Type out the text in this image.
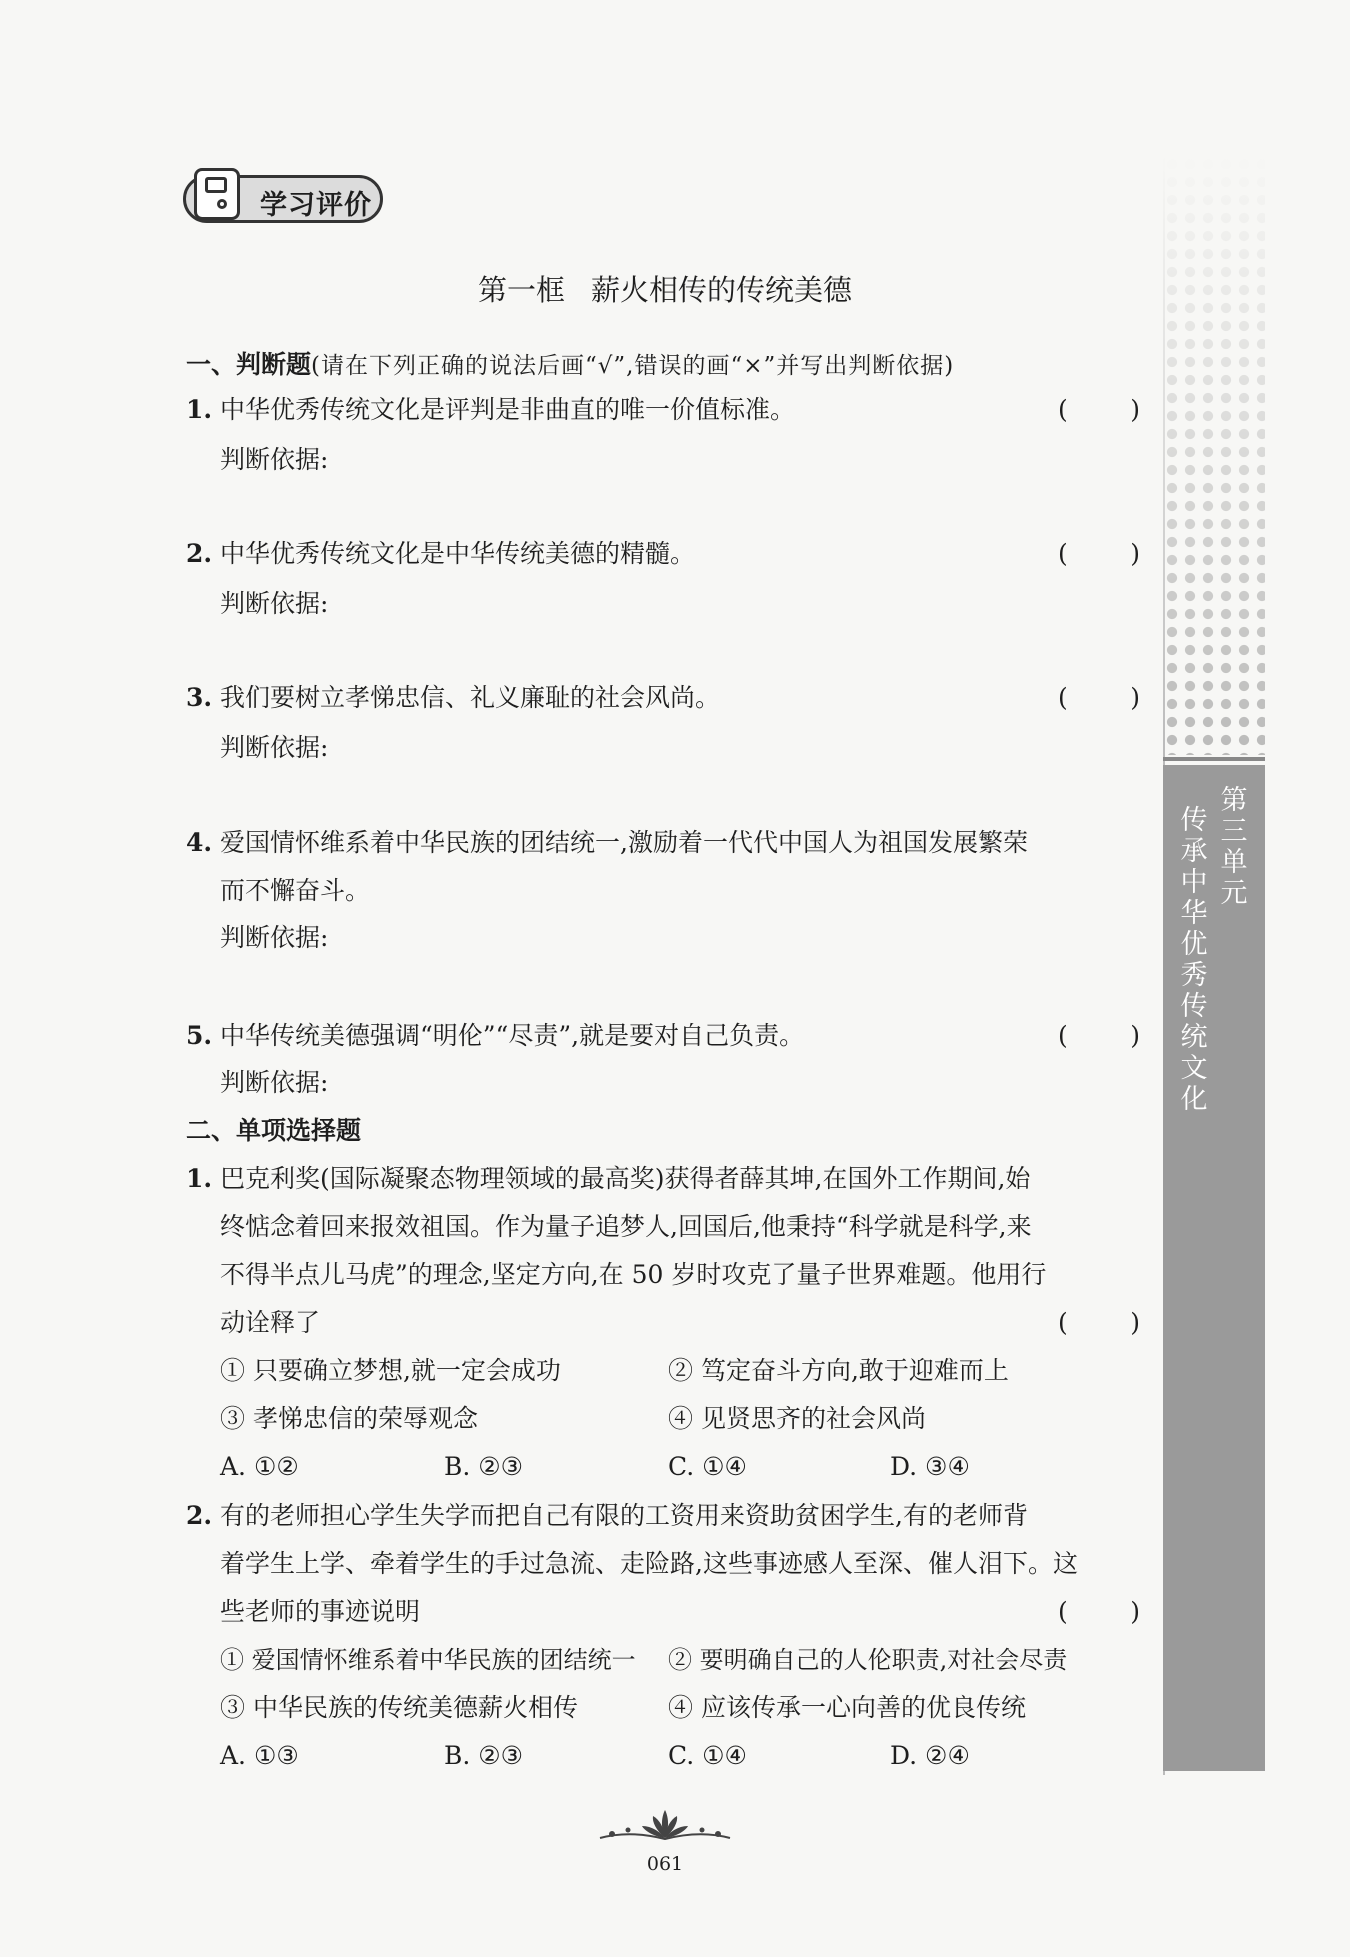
学习评价
第一框 薪火相传的传统美德
一、判断题(请在下列正确的说法后画“√”,错误的画“×”并写出判断依据)
1. 中华优秀传统文化是评判是非曲直的唯一价值标准。	( )
判断依据:
2. 中华优秀传统文化是中华传统美德的精髓。	( )
判断依据:
3. 我们要树立孝悌忠信、礼义廉耻的社会风尚。	( )
判断依据:
4. 爱国情怀维系着中华民族的团结统一,激励着一代代中国人为祖国发展繁荣
而不懈奋斗。
判断依据:
5. 中华传统美德强调“明伦”“尽责”,就是要对自己负责。	( )
判断依据:
二、单项选择题
1. 巴克利奖(国际凝聚态物理领域的最高奖)获得者薛其坤,在国外工作期间,始
终惦念着回来报效祖国。作为量子追梦人,回国后,他秉持“科学就是科学,来
不得半点儿马虎”的理念,坚定方向,在 50 岁时攻克了量子世界难题。他用行
动诠释了	( )
① 只要确立梦想,就一定会成功	② 笃定奋斗方向,敢于迎难而上
③ 孝悌忠信的荣辱观念	④ 见贤思齐的社会风尚
A. ①②	B. ②③	C. ①④	D. ③④
2. 有的老师担心学生失学而把自己有限的工资用来资助贫困学生,有的老师背
着学生上学、牵着学生的手过急流、走险路,这些事迹感人至深、催人泪下。这
些老师的事迹说明	( )
① 爱国情怀维系着中华民族的团结统一 ② 要明确自己的人伦职责,对社会尽责
③ 中华民族的传统美德薪火相传	④ 应该传承一心向善的优良传统
A. ①③	B. ②③	C. ①④	D. ②④
第三单元
传承中华优秀传统文化
061
